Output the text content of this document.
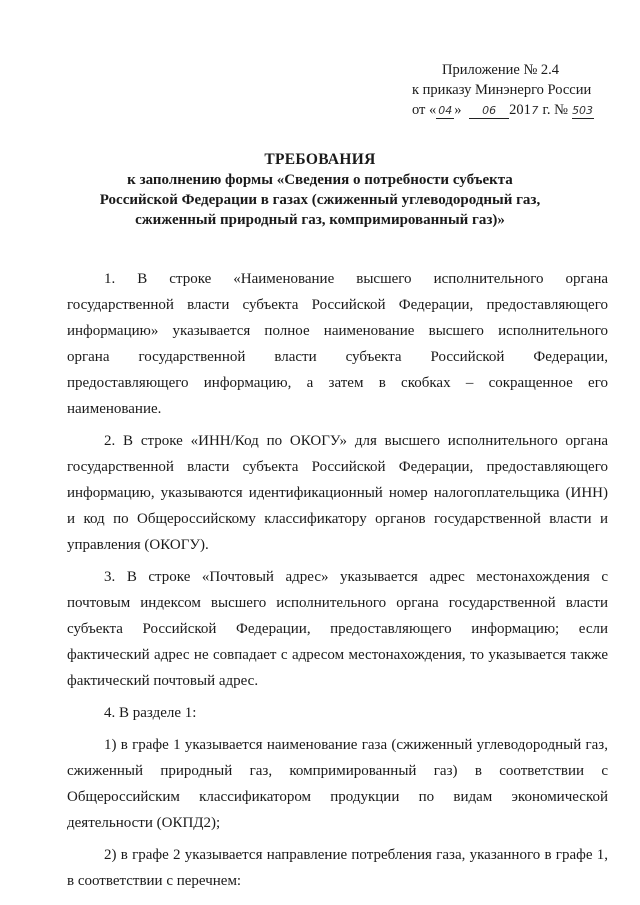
Приложение № 2.4
к приказу Минэнерго России
от « 04 » 06 2017 г. № 503
ТРЕБОВАНИЯ
к заполнению формы «Сведения о потребности субъекта Российской Федерации в газах (сжиженный углеводородный газ, сжиженный природный газ, компримированный газ)»

1. В строке «Наименование высшего исполнительного органа государственной власти субъекта Российской Федерации, предоставляющего информацию» указывается полное наименование высшего исполнительного органа государственной власти субъекта Российской Федерации, предоставляющего информацию, а затем в скобках – сокращенное его наименование.

2. В строке «ИНН/Код по ОКОГУ» для высшего исполнительного органа государственной власти субъекта Российской Федерации, предоставляющего информацию, указываются идентификационный номер налогоплательщика (ИНН) и код по Общероссийскому классификатору органов государственной власти и управления (ОКОГУ).

3. В строке «Почтовый адрес» указывается адрес местонахождения с почтовым индексом высшего исполнительного органа государственной власти субъекта Российской Федерации, предоставляющего информацию; если фактический адрес не совпадает с адресом местонахождения, то указывается также фактический почтовый адрес.

4. В разделе 1:

1) в графе 1 указывается наименование газа (сжиженный углеводородный газ, сжиженный природный газ, компримированный газ) в соответствии с Общероссийским классификатором продукции по видам экономической деятельности (ОКПД2);

2) в графе 2 указывается направление потребления газа, указанного в графе 1, в соответствии с перечнем:
